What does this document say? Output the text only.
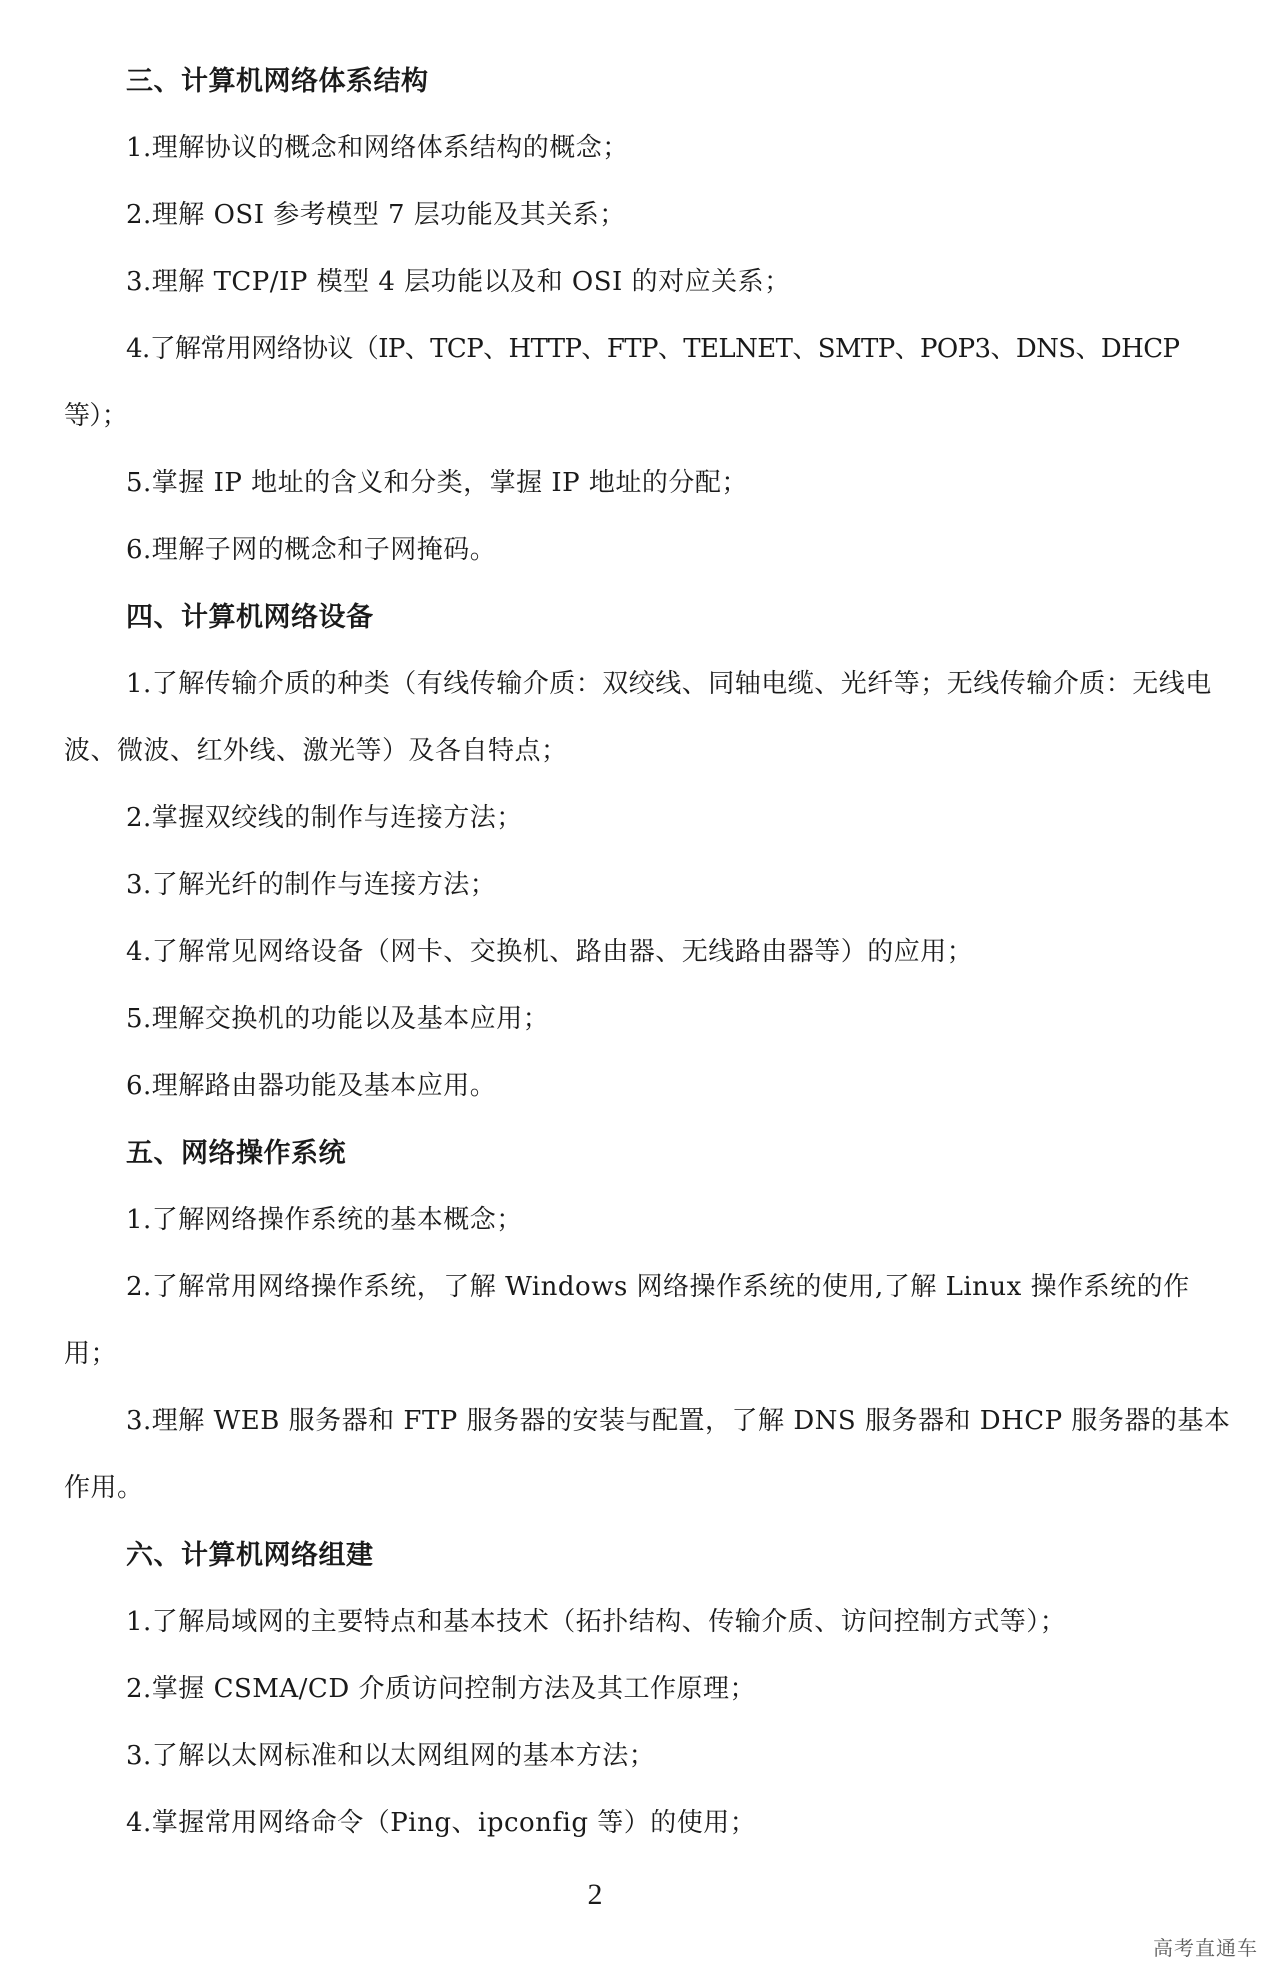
三、计算机网络体系结构

1.理解协议的概念和网络体系结构的概念；

2.理解 OSI 参考模型 7 层功能及其关系；

3.理解 TCP/IP 模型 4 层功能以及和 OSI 的对应关系；

4.了解常用网络协议（IP、TCP、HTTP、FTP、TELNET、SMTP、POP3、DNS、DHCP 等）；

5.掌握 IP 地址的含义和分类，掌握 IP 地址的分配；

6.理解子网的概念和子网掩码。

四、计算机网络设备

1.了解传输介质的种类（有线传输介质：双绞线、同轴电缆、光纤等；无线传输介质：无线电波、微波、红外线、激光等）及各自特点；

2.掌握双绞线的制作与连接方法；

3.了解光纤的制作与连接方法；

4.了解常见网络设备（网卡、交换机、路由器、无线路由器等）的应用；

5.理解交换机的功能以及基本应用；

6.理解路由器功能及基本应用。

五、网络操作系统

1.了解网络操作系统的基本概念；

2.了解常用网络操作系统，了解 Windows 网络操作系统的使用,了解 Linux 操作系统的作用；

3.理解 WEB 服务器和 FTP 服务器的安装与配置，了解 DNS 服务器和 DHCP 服务器的基本作用。

六、计算机网络组建

1.了解局域网的主要特点和基本技术（拓扑结构、传输介质、访问控制方式等）；

2.掌握 CSMA/CD 介质访问控制方法及其工作原理；

3.了解以太网标准和以太网组网的基本方法；

4.掌握常用网络命令（Ping、ipconfig 等）的使用；

2
高考直通车
